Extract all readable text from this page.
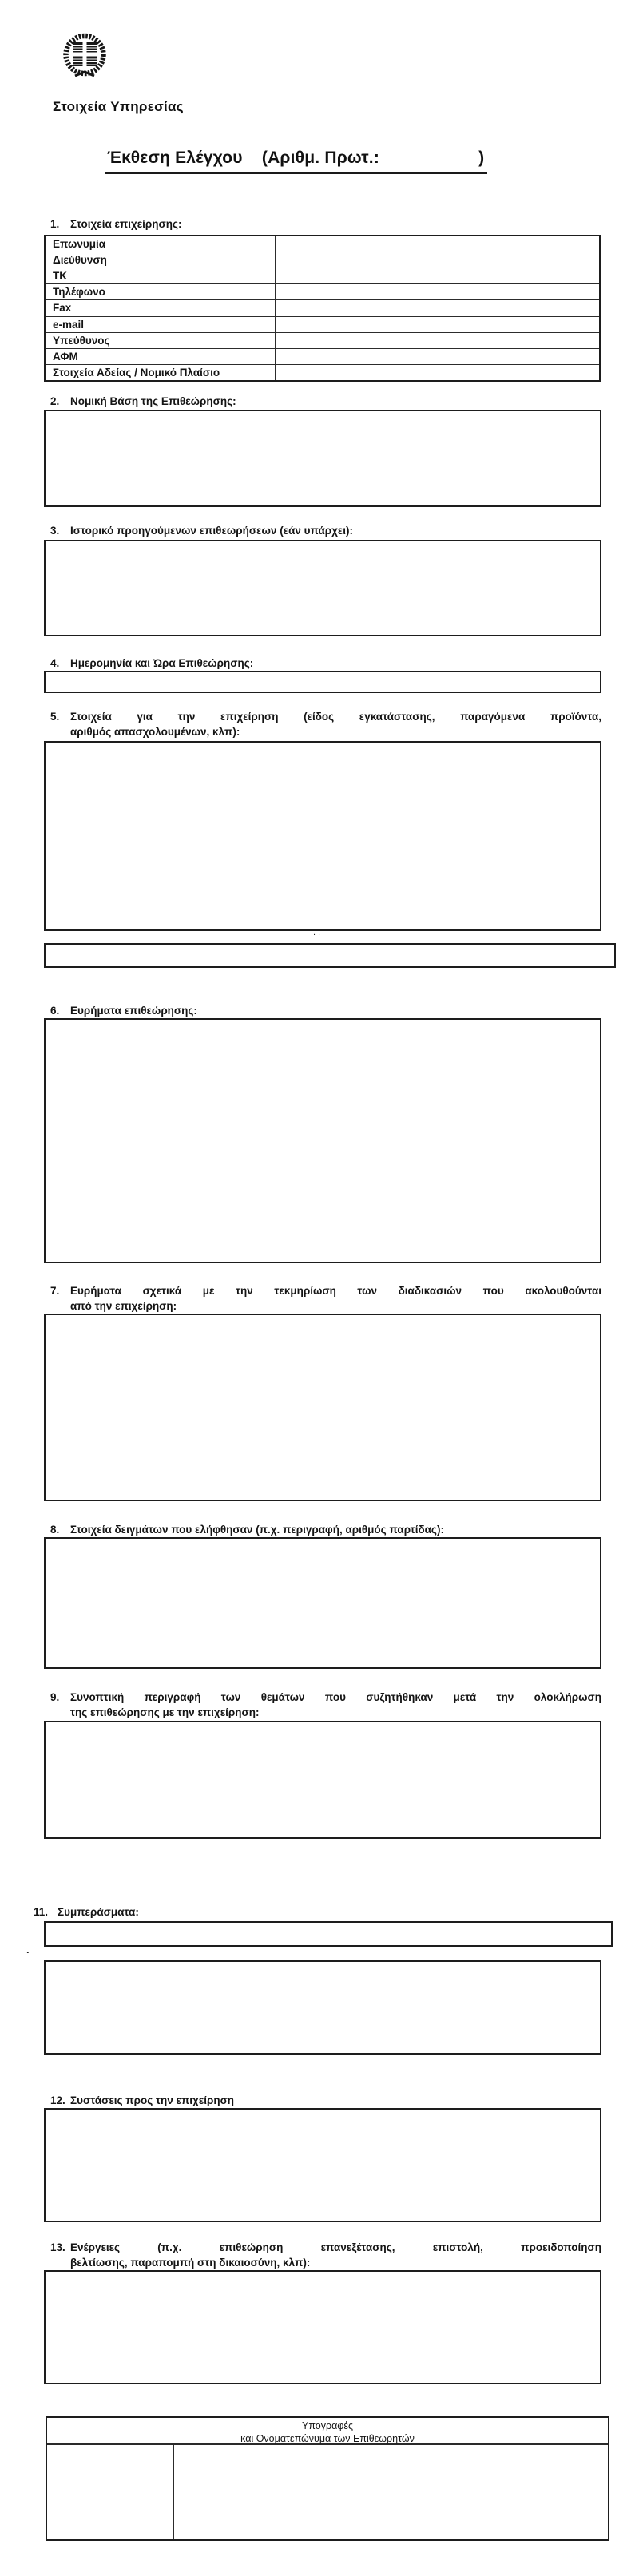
Στοιχεία Υπηρεσίας
Έκθεση Ελέγχου (Αριθμ. Πρωτ.:	)
1.	Στοιχεία επιχείρησης:
Επωνυμία
Διεύθυνση
ΤΚ
Τηλέφωνο
Fax
e-mail
Υπεύθυνος
ΑΦΜ
Στοιχεία Αδείας / Νομικό Πλαίσιο
2.	Νομική Βάση της Επιθεώρησης:
3.	Ιστορικό προηγούμενων επιθεωρήσεων (εάν υπάρχει):
4.	Ημερομηνία και Ώρα Επιθεώρησης:
5.	Στοιχεία για την επιχείρηση (είδος εγκατάστασης, παραγόμενα προϊόντα,
αριθμός απασχολουμένων, κλπ):
..
6.	Ευρήματα επιθεώρησης:
7.	Ευρήματα σχετικά με την τεκμηρίωση των διαδικασιών που ακολουθούνται
από την επιχείρηση:
8.	Στοιχεία δειγμάτων που ελήφθησαν (π.χ. περιγραφή, αριθμός παρτίδας):
9.	Συνοπτική περιγραφή των θεμάτων που συζητήθηκαν μετά την ολοκλήρωση
της επιθεώρησης με την επιχείρηση:
11. Συμπεράσματα:
.
12. Συστάσεις προς την επιχείρηση
13. Ενέργειες (π.χ. επιθεώρηση επανεξέτασης, επιστολή, προειδοποίηση
βελτίωσης, παραπομπή στη δικαιοσύνη, κλπ):
Υπογραφές
και Ονοματεπώνυμα των Επιθεωρητών
